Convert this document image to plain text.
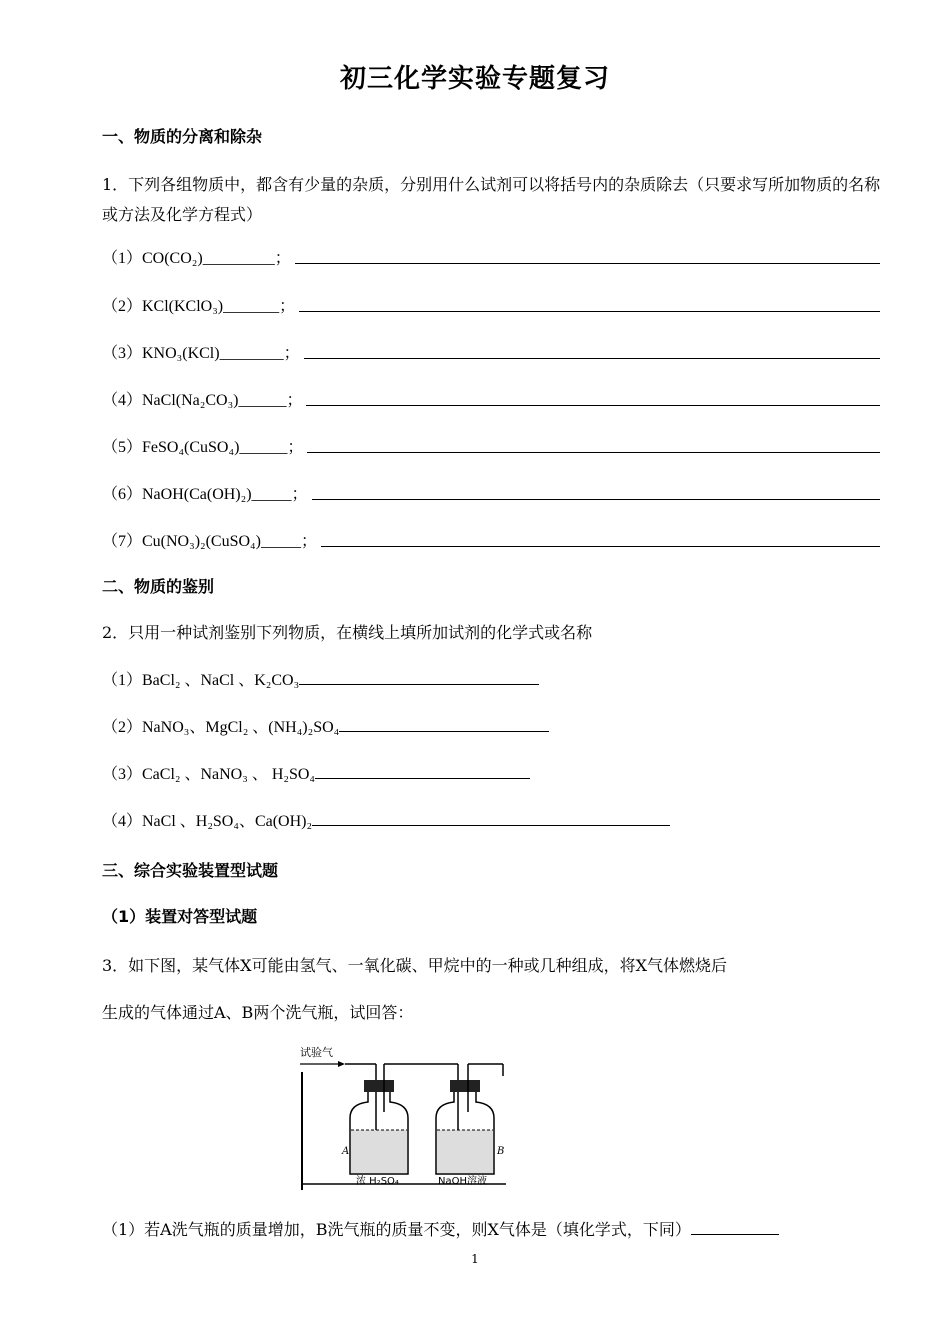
初三化学实验专题复习
一、物质的分离和除杂
1．下列各组物质中，都含有少量的杂质，分别用什么试剂可以将括号内的杂质除去（只要求写所加物质的名称或方法及化学方程式）
（1）CO(CO₂)_________；
（2）KCl(KClO₃)_______；
（3）KNO₃(KCl)________；
（4）NaCl(Na₂CO₃)______；
（5）FeSO₄(CuSO₄)______；
（6）NaOH(Ca(OH)₂)_____；
（7）Cu(NO₃)₂(CuSO₄)_____；
二、物质的鉴别
2．只用一种试剂鉴别下列物质，在横线上填所加试剂的化学式或名称
（1）BaCl₂ 、NaCl 、K₂CO₃
（2）NaNO₃、MgCl₂ 、(NH₄)₂SO₄
（3）CaCl₂ 、NaNO₃ 、 H₂SO₄
（4）NaCl 、H₂SO₄、Ca(OH)₂
三、综合实验装置型试题
（1）装置对答型试题
3．如下图，某气体X可能由氢气、一氧化碳、甲烷中的一种或几种组成，将X气体燃烧后
生成的气体通过A、B两个洗气瓶，试回答：
试验气
A	B
浓 H₂SO₄	NaOH溶液
（1）若A洗气瓶的质量增加，B洗气瓶的质量不变，则X气体是（填化学式，下同）
1
